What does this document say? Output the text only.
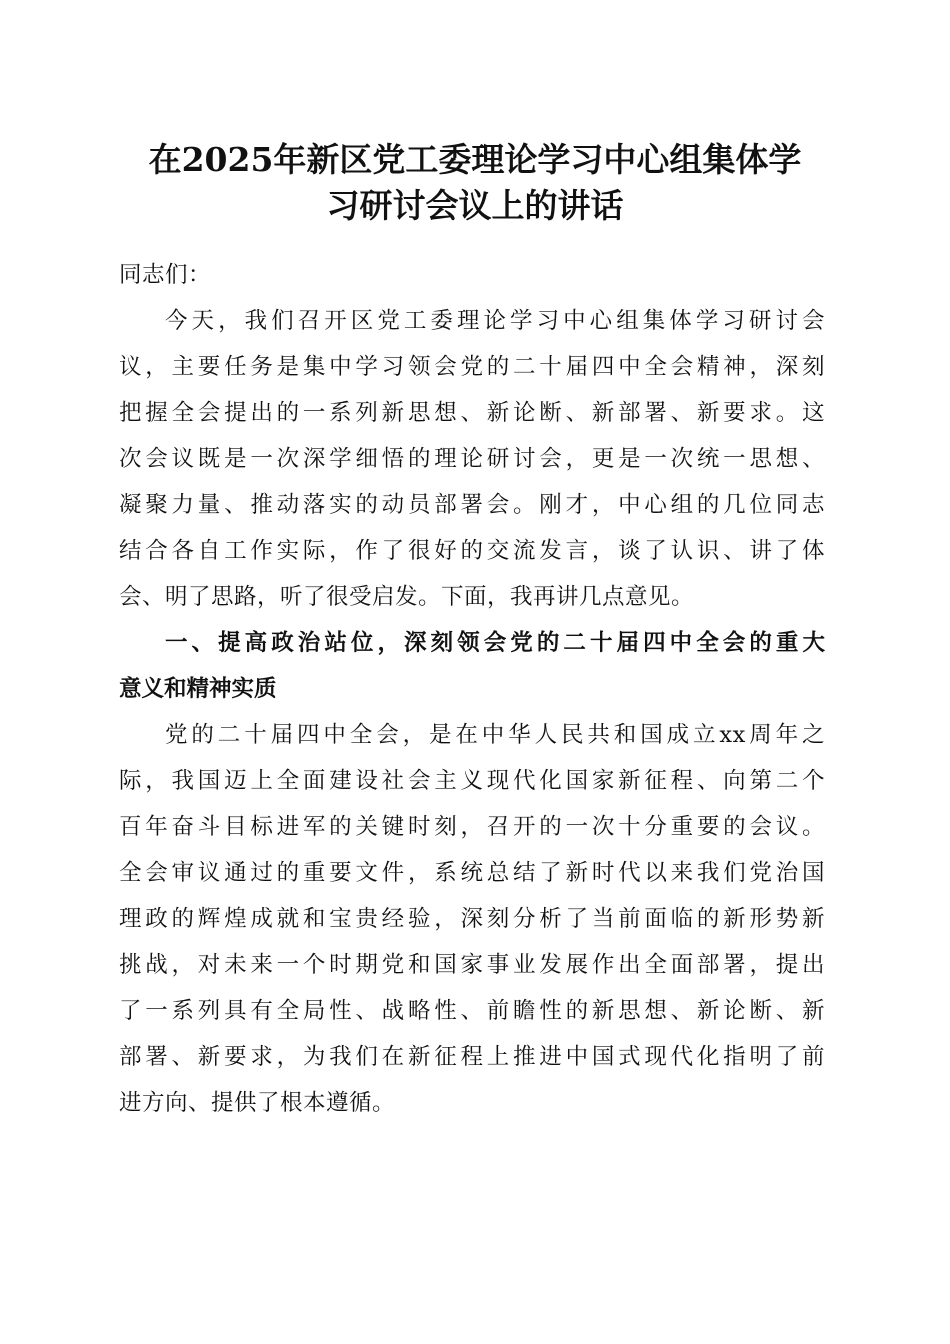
在2025年新区党工委理论学习中心组集体学
习研讨会议上的讲话
同志们：
今天，我们召开区党工委理论学习中心组集体学习研讨会
议，主要任务是集中学习领会党的二十届四中全会精神，深刻
把握全会提出的一系列新思想、新论断、新部署、新要求。这
次会议既是一次深学细悟的理论研讨会，更是一次统一思想、
凝聚力量、推动落实的动员部署会。刚才，中心组的几位同志
结合各自工作实际，作了很好的交流发言，谈了认识、讲了体
会、明了思路，听了很受启发。下面，我再讲几点意见。
一、提高政治站位，深刻领会党的二十届四中全会的重大
意义和精神实质
党的二十届四中全会，是在中华人民共和国成立xx周年之
际，我国迈上全面建设社会主义现代化国家新征程、向第二个
百年奋斗目标进军的关键时刻，召开的一次十分重要的会议。
全会审议通过的重要文件，系统总结了新时代以来我们党治国
理政的辉煌成就和宝贵经验，深刻分析了当前面临的新形势新
挑战，对未来一个时期党和国家事业发展作出全面部署，提出
了一系列具有全局性、战略性、前瞻性的新思想、新论断、新
部署、新要求，为我们在新征程上推进中国式现代化指明了前
进方向、提供了根本遵循。
